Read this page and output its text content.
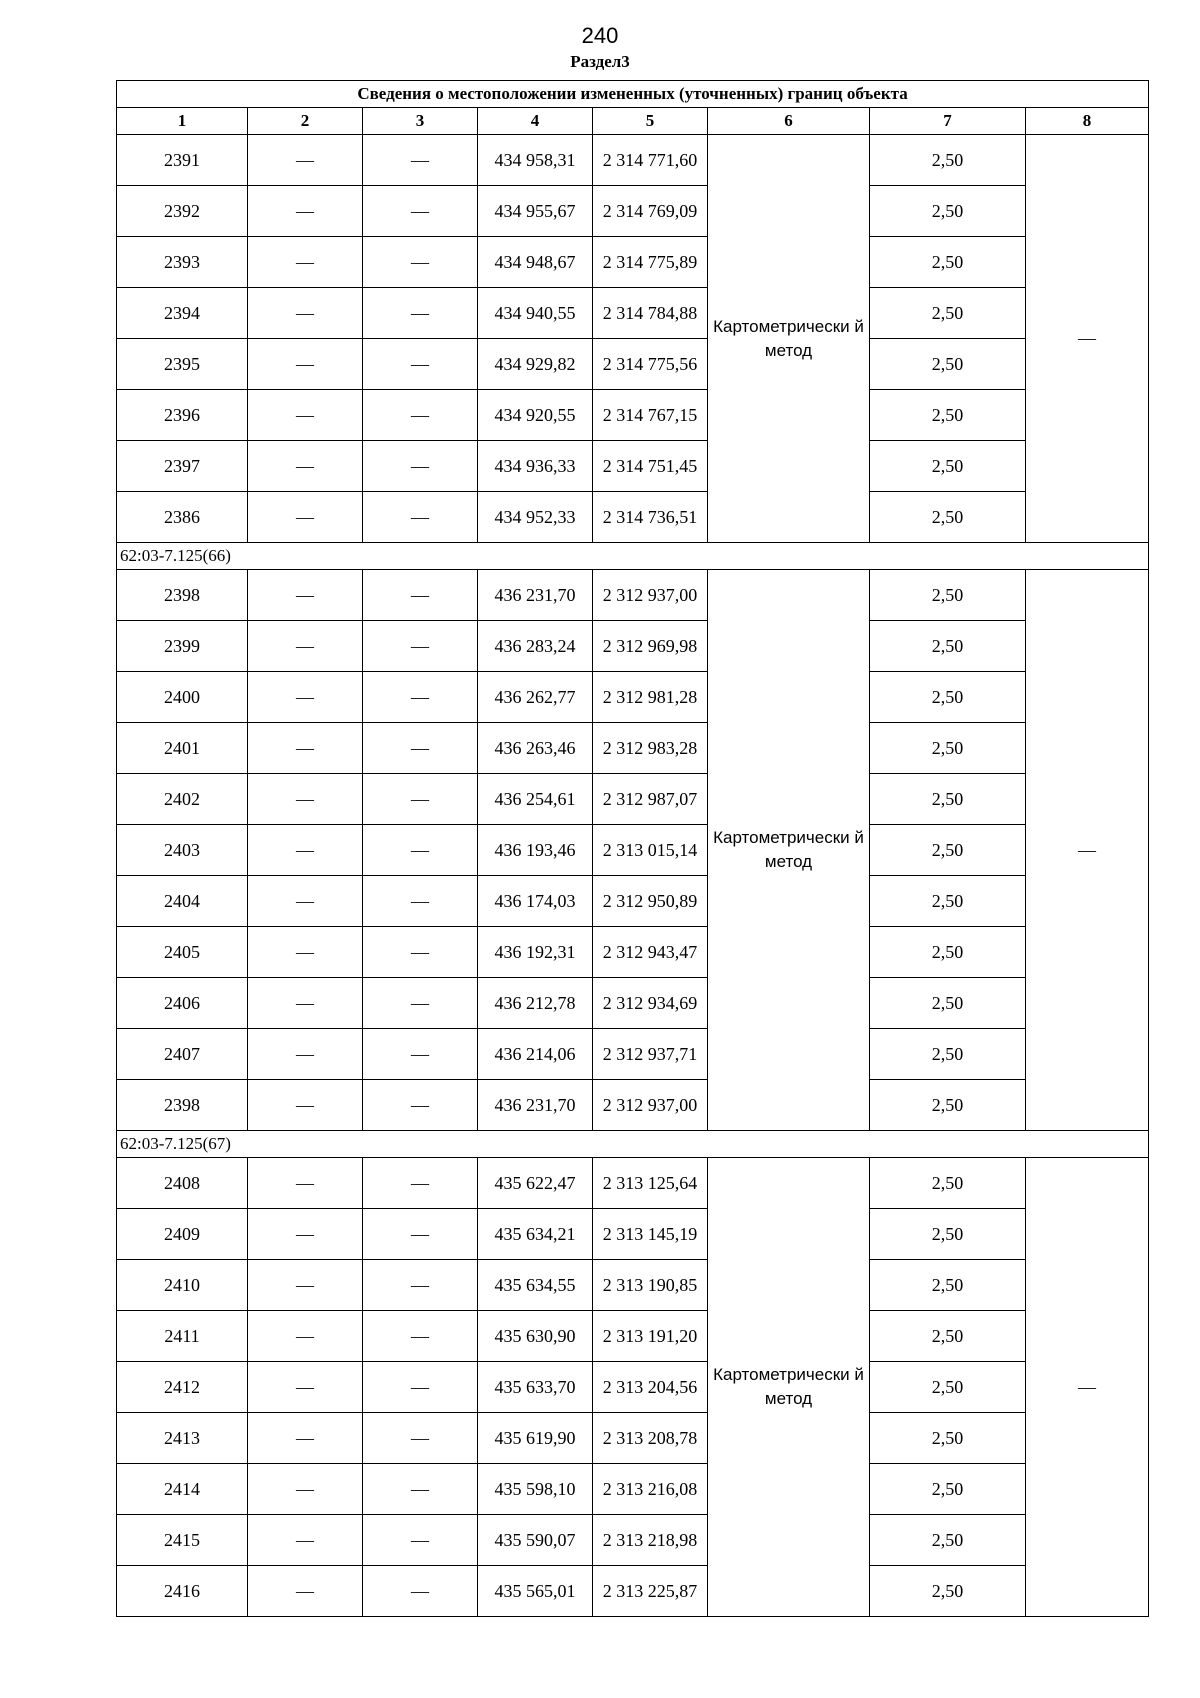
240
Раздел3
Сведения о местоположении измененных (уточненных) границ объекта							
1	2	3	4	5	6	7	8
2391	—	—	434 958,31	2 314 771,60	Картометрически й метод	2,50	—
2392	—	—	434 955,67	2 314 769,09		2,50	
2393	—	—	434 948,67	2 314 775,89		2,50	
2394	—	—	434 940,55	2 314 784,88		2,50	
2395	—	—	434 929,82	2 314 775,56		2,50	
2396	—	—	434 920,55	2 314 767,15		2,50	
2397	—	—	434 936,33	2 314 751,45		2,50	
2386	—	—	434 952,33	2 314 736,51		2,50	
62:03-7.125(66)							
2398	—	—	436 231,70	2 312 937,00	Картометрически й метод	2,50	—
2399	—	—	436 283,24	2 312 969,98		2,50	
2400	—	—	436 262,77	2 312 981,28		2,50	
2401	—	—	436 263,46	2 312 983,28		2,50	
2402	—	—	436 254,61	2 312 987,07		2,50	
2403	—	—	436 193,46	2 313 015,14		2,50	
2404	—	—	436 174,03	2 312 950,89		2,50	
2405	—	—	436 192,31	2 312 943,47		2,50	
2406	—	—	436 212,78	2 312 934,69		2,50	
2407	—	—	436 214,06	2 312 937,71		2,50	
2398	—	—	436 231,70	2 312 937,00		2,50	
62:03-7.125(67)							
2408	—	—	435 622,47	2 313 125,64	Картометрически й метод	2,50	—
2409	—	—	435 634,21	2 313 145,19		2,50	
2410	—	—	435 634,55	2 313 190,85		2,50	
2411	—	—	435 630,90	2 313 191,20		2,50	
2412	—	—	435 633,70	2 313 204,56		2,50	
2413	—	—	435 619,90	2 313 208,78		2,50	
2414	—	—	435 598,10	2 313 216,08		2,50	
2415	—	—	435 590,07	2 313 218,98		2,50	
2416	—	—	435 565,01	2 313 225,87		2,50	
